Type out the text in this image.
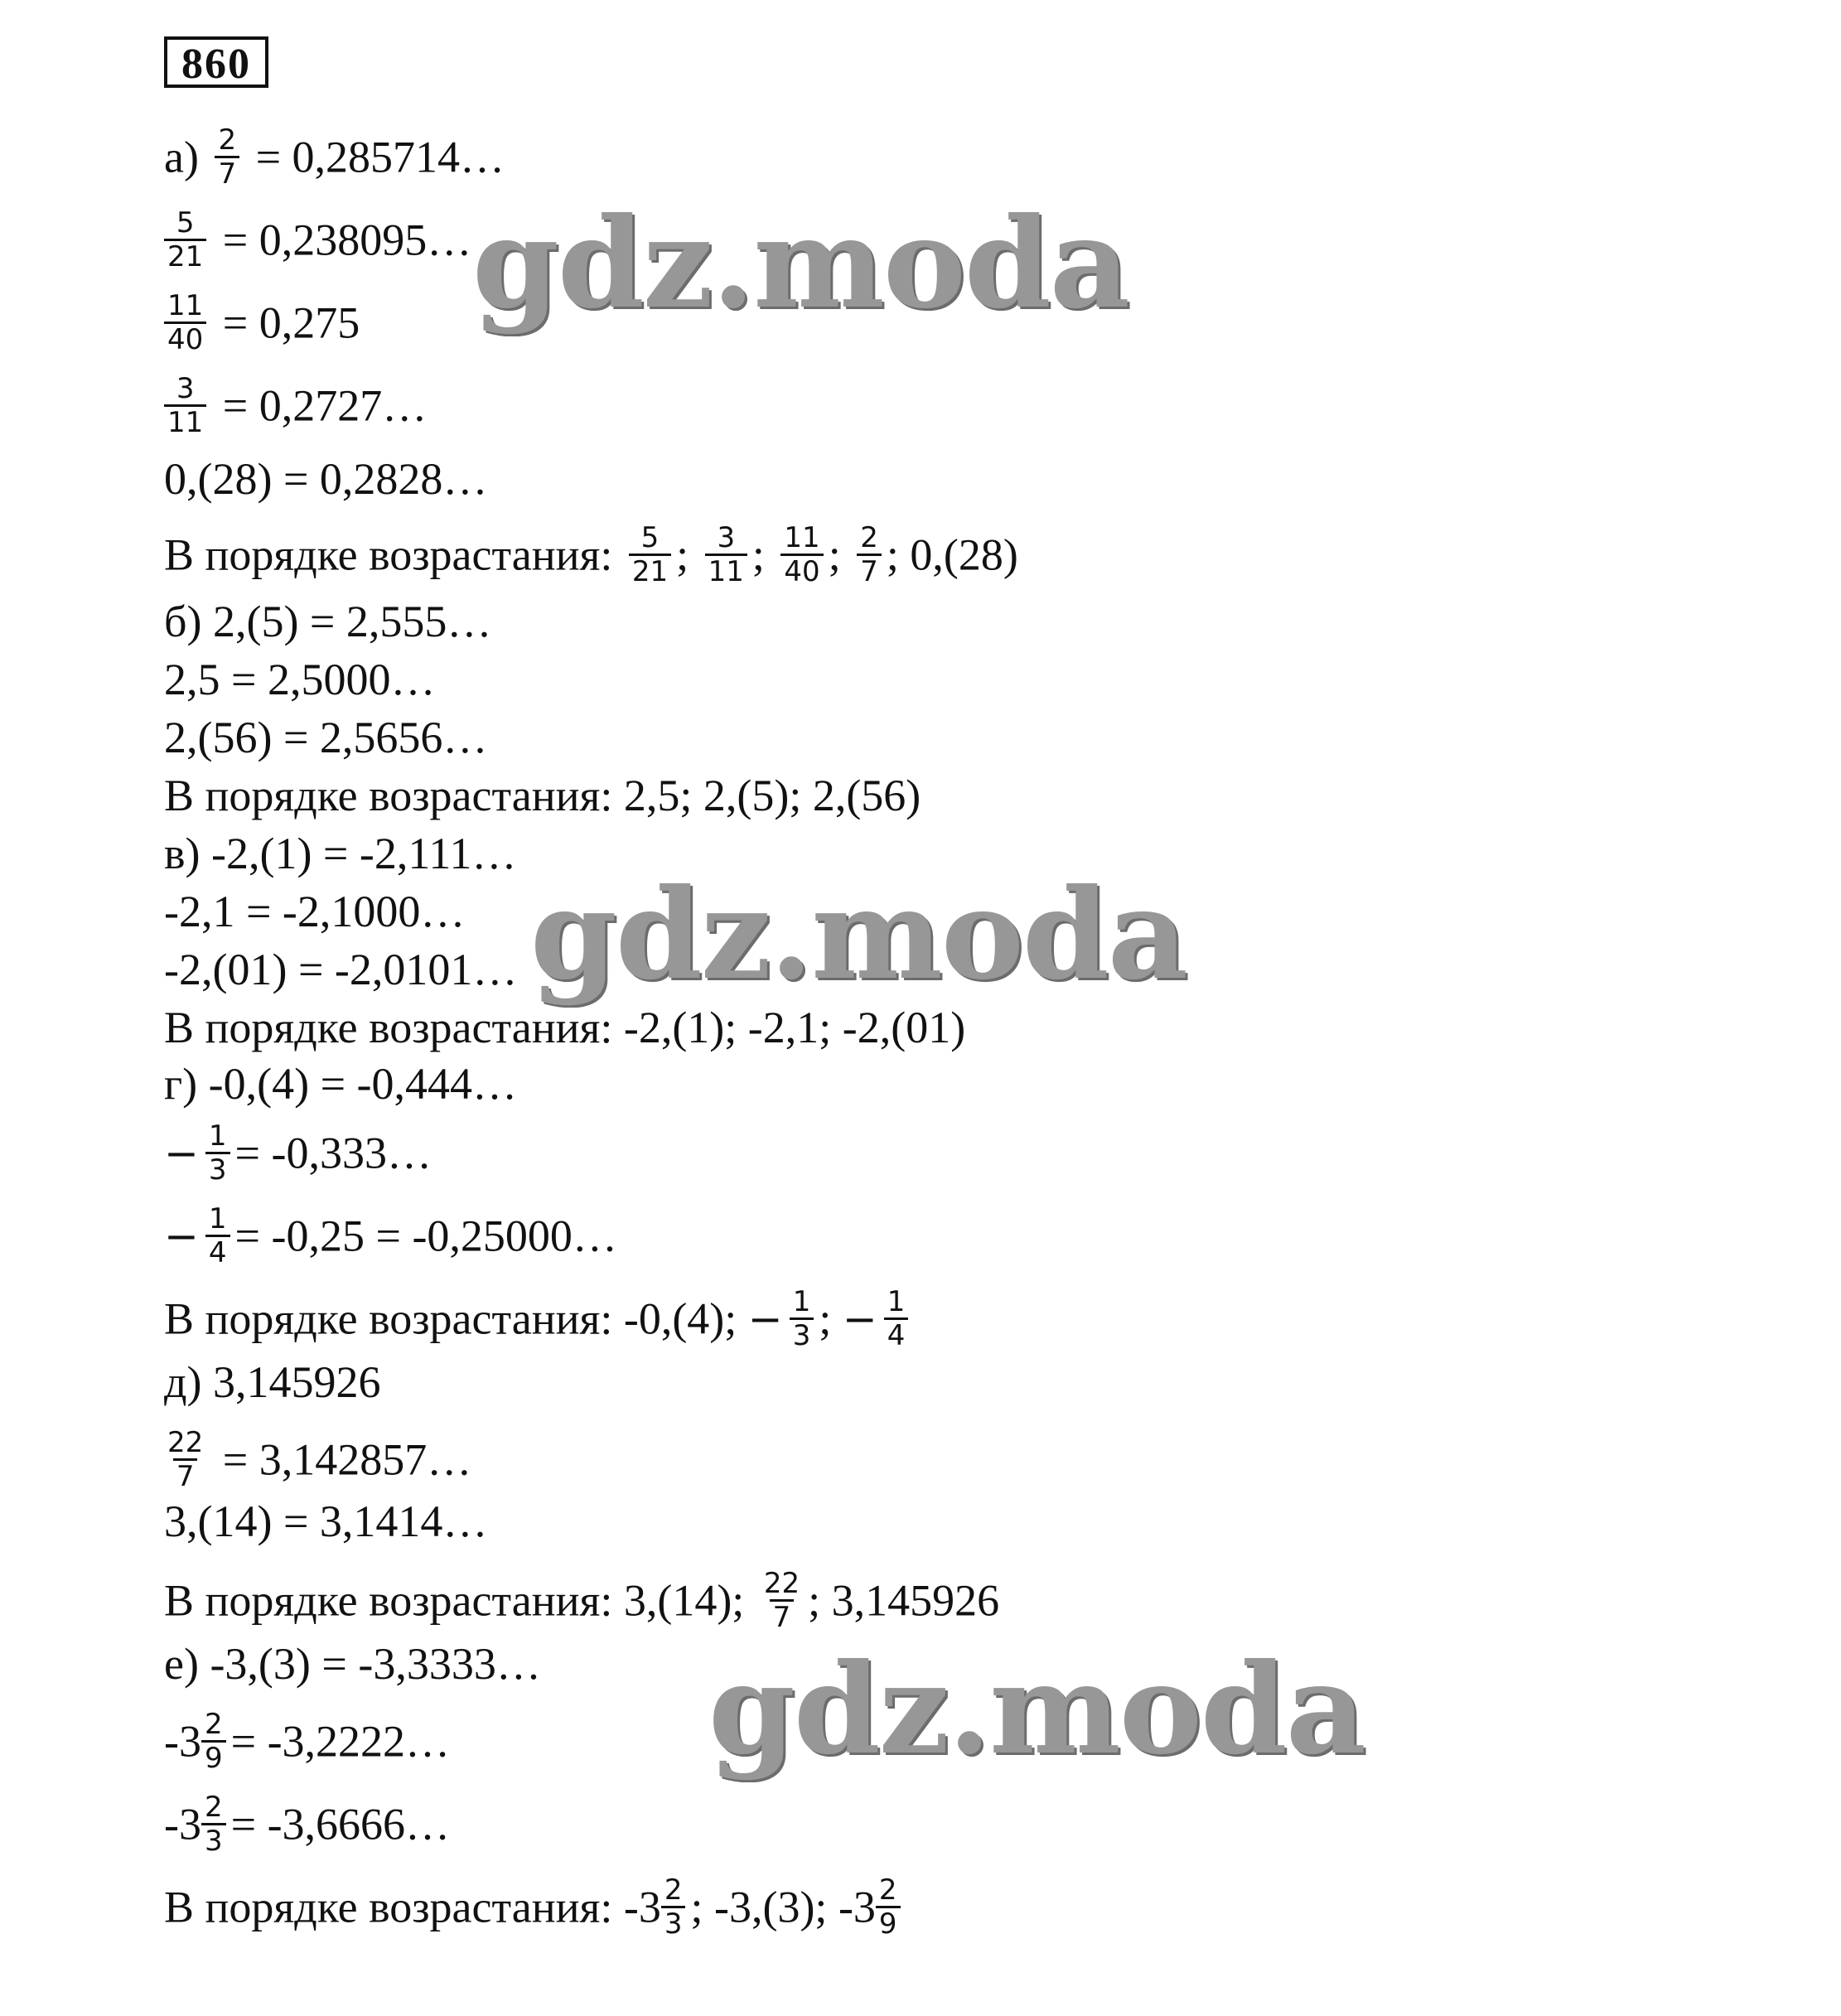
860
$а) \frac{2}{7}$ = 0,285714…
$\frac{5}{21}$ = 0,238095…
$\frac{11}{40} = 0,275$
$\frac{3}{11}$ = 0,2727…
0,(28) = 0,2828…
В порядке возрастания: $\frac{5}{21}$ ; $\frac{3}{11}$ ; $\frac{11}{40}$ ; $\frac{2}{7}$ ; 0,(28)
б) 2,(5) = 2,555…
2,5 = 2,5000…
2,(56) = 2,5656…
В порядке возрастания: 2,5; 2,(5); 2,(56)
в) -2,(1) = -2,111…
-2,1 = -2,1000…
-2,(01) = -2,0101…
В порядке возрастания: -2,(1); -2,1; -2,(01)
г) -0,(4) = -0,444…
− $\frac{1}{3}$ = -0,333…
− $\frac{1}{4} = -0,25$ = -0,25000…
В порядке возрастания: -0,(4); − $\frac{1}{3}$ ; − $\frac{1}{4}$
д) 3,145926
$\frac{22}{7}$ = 3,142857…
3,(14) = 3,1414…
В порядке возрастания: 3,(14); $\frac{22}{7}$ ; 3,145926
е) -3,(3) = -3,3333…
$-3 \frac{2}{9}$ = -3,2222…
$-3 \frac{2}{3}$ = -3,6666…
В порядке возрастания: $-3 \frac{2}{3}$ ; -3,(3); $-3 \frac{2}{9}$
gdz.moda
gdz.moda
gdz.moda
